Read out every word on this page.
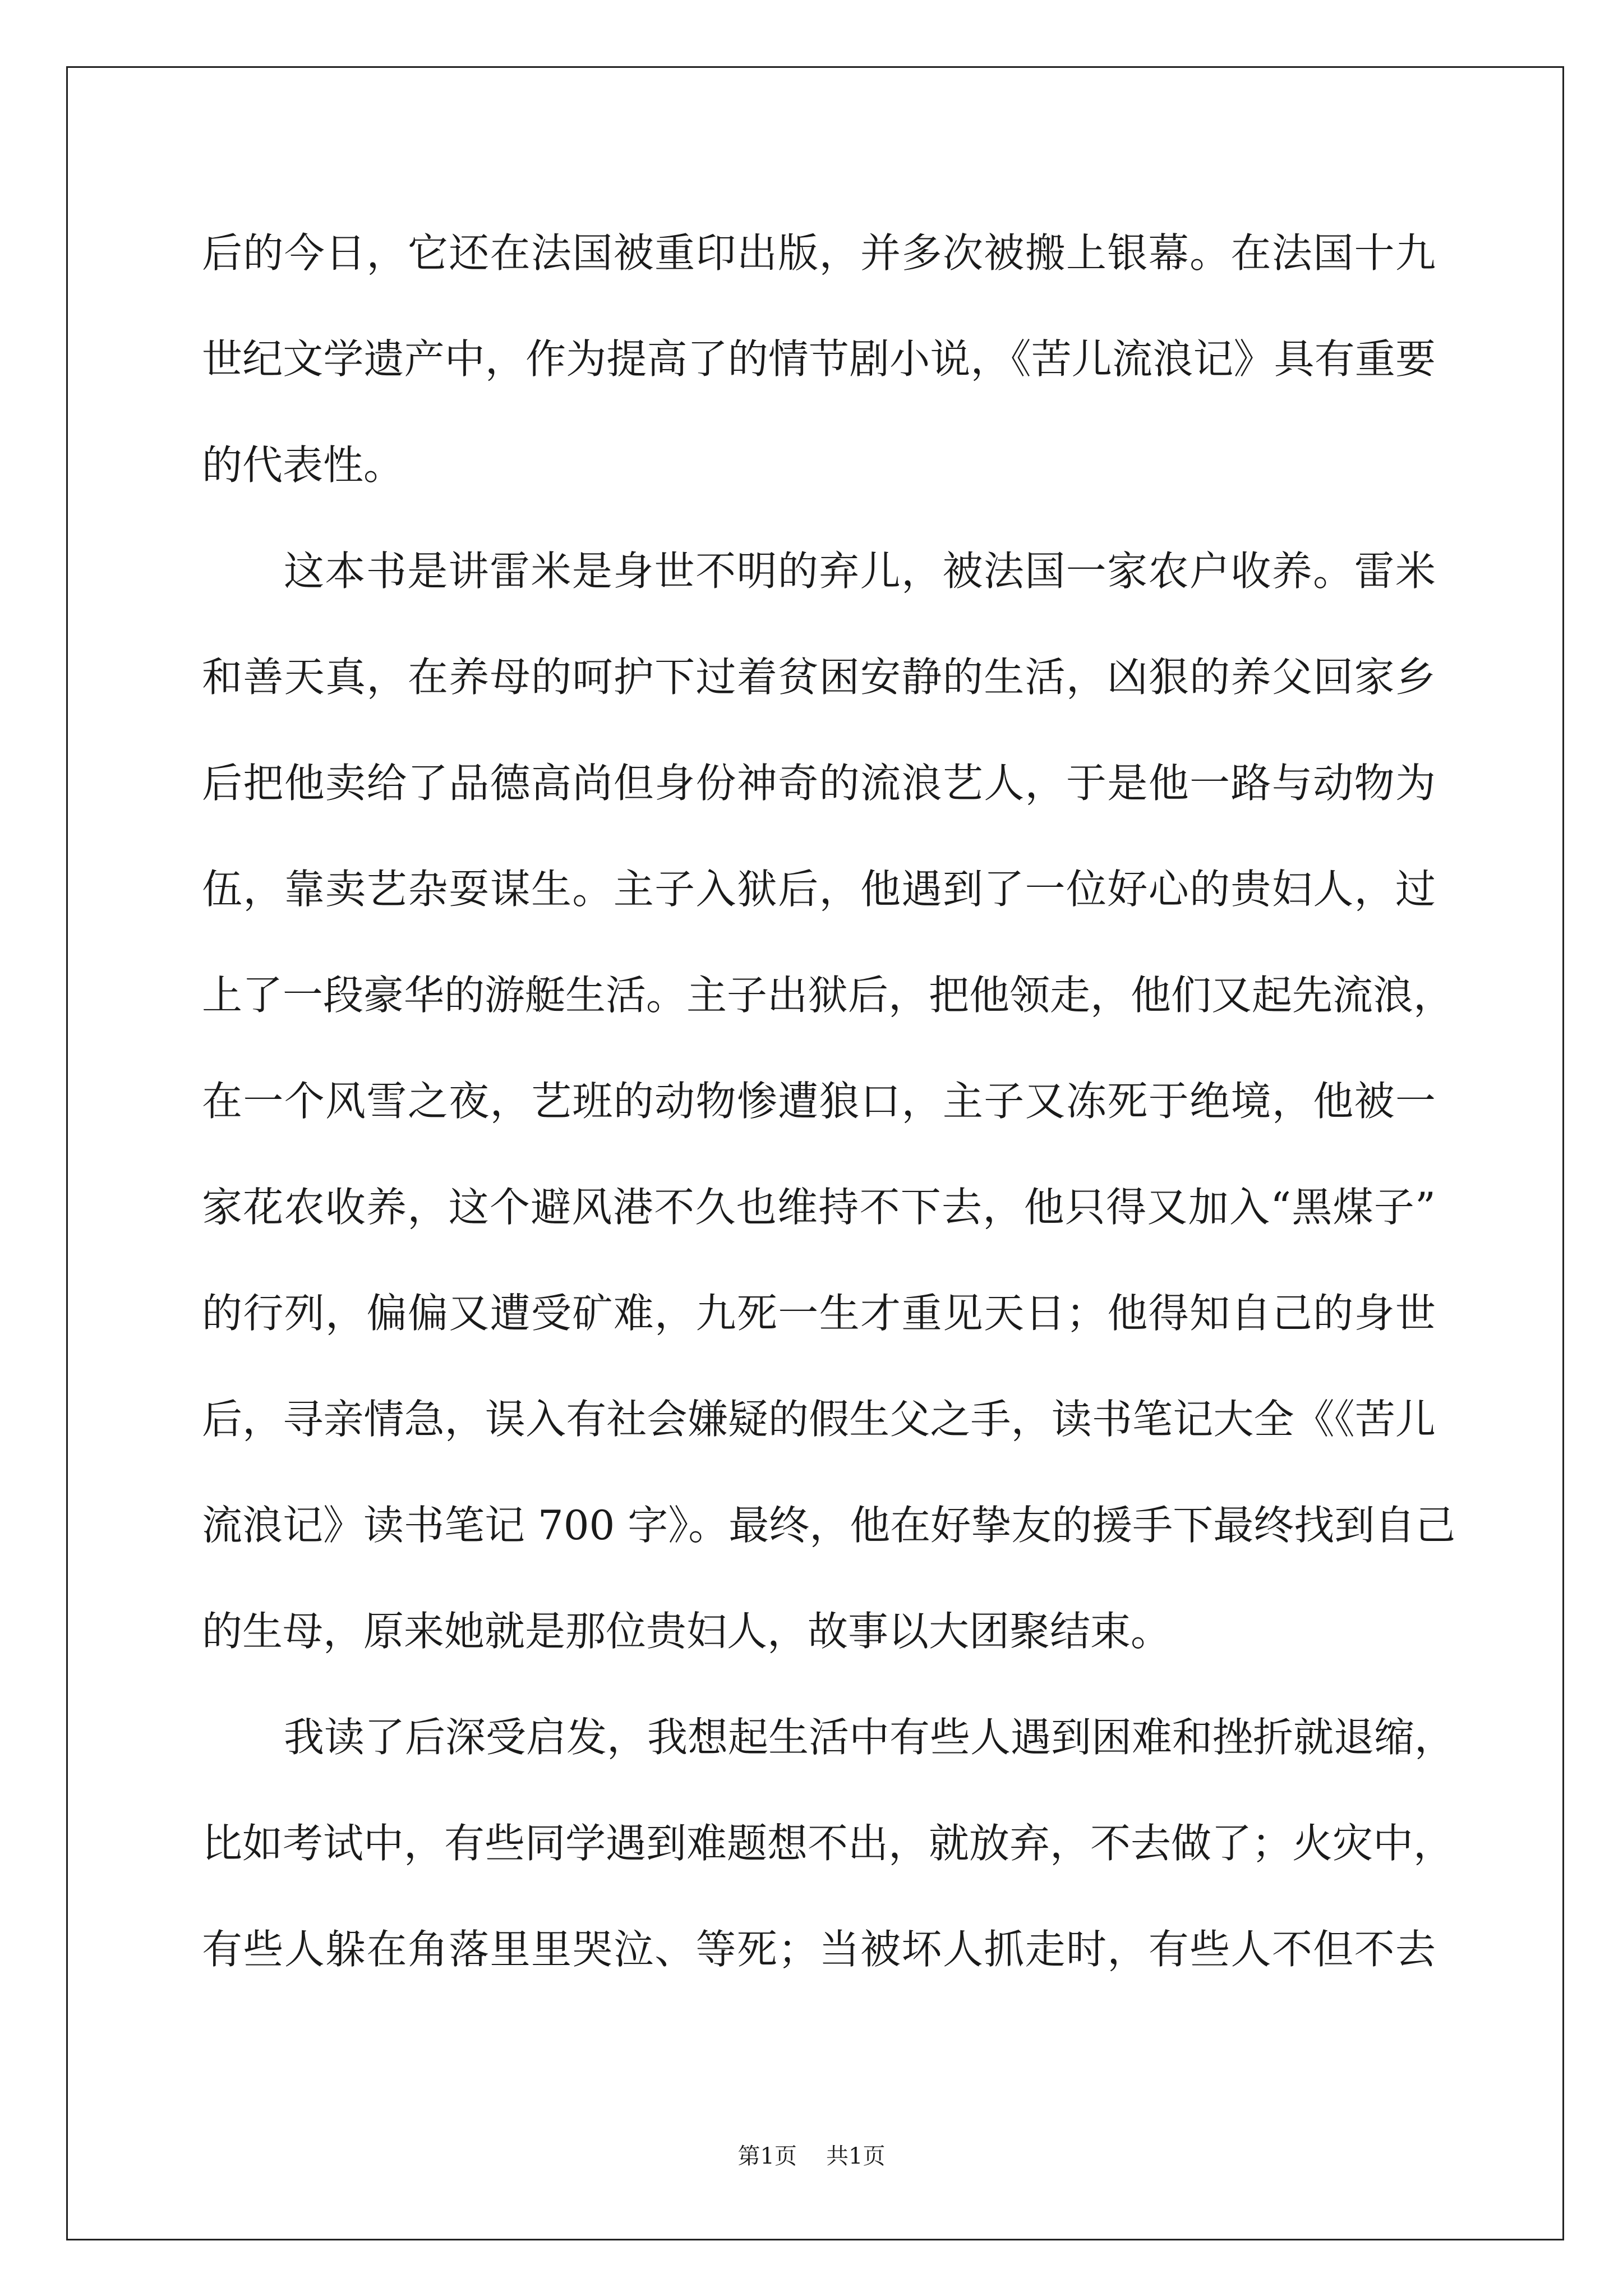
后的今日，它还在法国被重印出版，并多次被搬上银幕。在法国十九
世纪文学遗产中，作为提高了的情节剧小说，《苦儿流浪记》具有重要
的代表性。
这本书是讲雷米是身世不明的弃儿，被法国一家农户收养。雷米
和善天真，在养母的呵护下过着贫困安静的生活，凶狠的养父回家乡
后把他卖给了品德高尚但身份神奇的流浪艺人，于是他一路与动物为
伍，靠卖艺杂耍谋生。主子入狱后，他遇到了一位好心的贵妇人，过
上了一段豪华的游艇生活。主子出狱后，把他领走，他们又起先流浪，
在一个风雪之夜，艺班的动物惨遭狼口，主子又冻死于绝境，他被一
家花农收养，这个避风港不久也维持不下去，他只得又加入“黑煤子”
的行列，偏偏又遭受矿难，九死一生才重见天日；他得知自己的身世
后，寻亲情急，误入有社会嫌疑的假生父之手，读书笔记大全《《苦儿
流浪记》读书笔记 700 字》。最终，他在好挚友的援手下最终找到自己
的生母，原来她就是那位贵妇人，故事以大团聚结束。
我读了后深受启发，我想起生活中有些人遇到困难和挫折就退缩，
比如考试中，有些同学遇到难题想不出，就放弃，不去做了；火灾中，
有些人躲在角落里里哭泣、等死；当被坏人抓走时，有些人不但不去
第1页 共1页
